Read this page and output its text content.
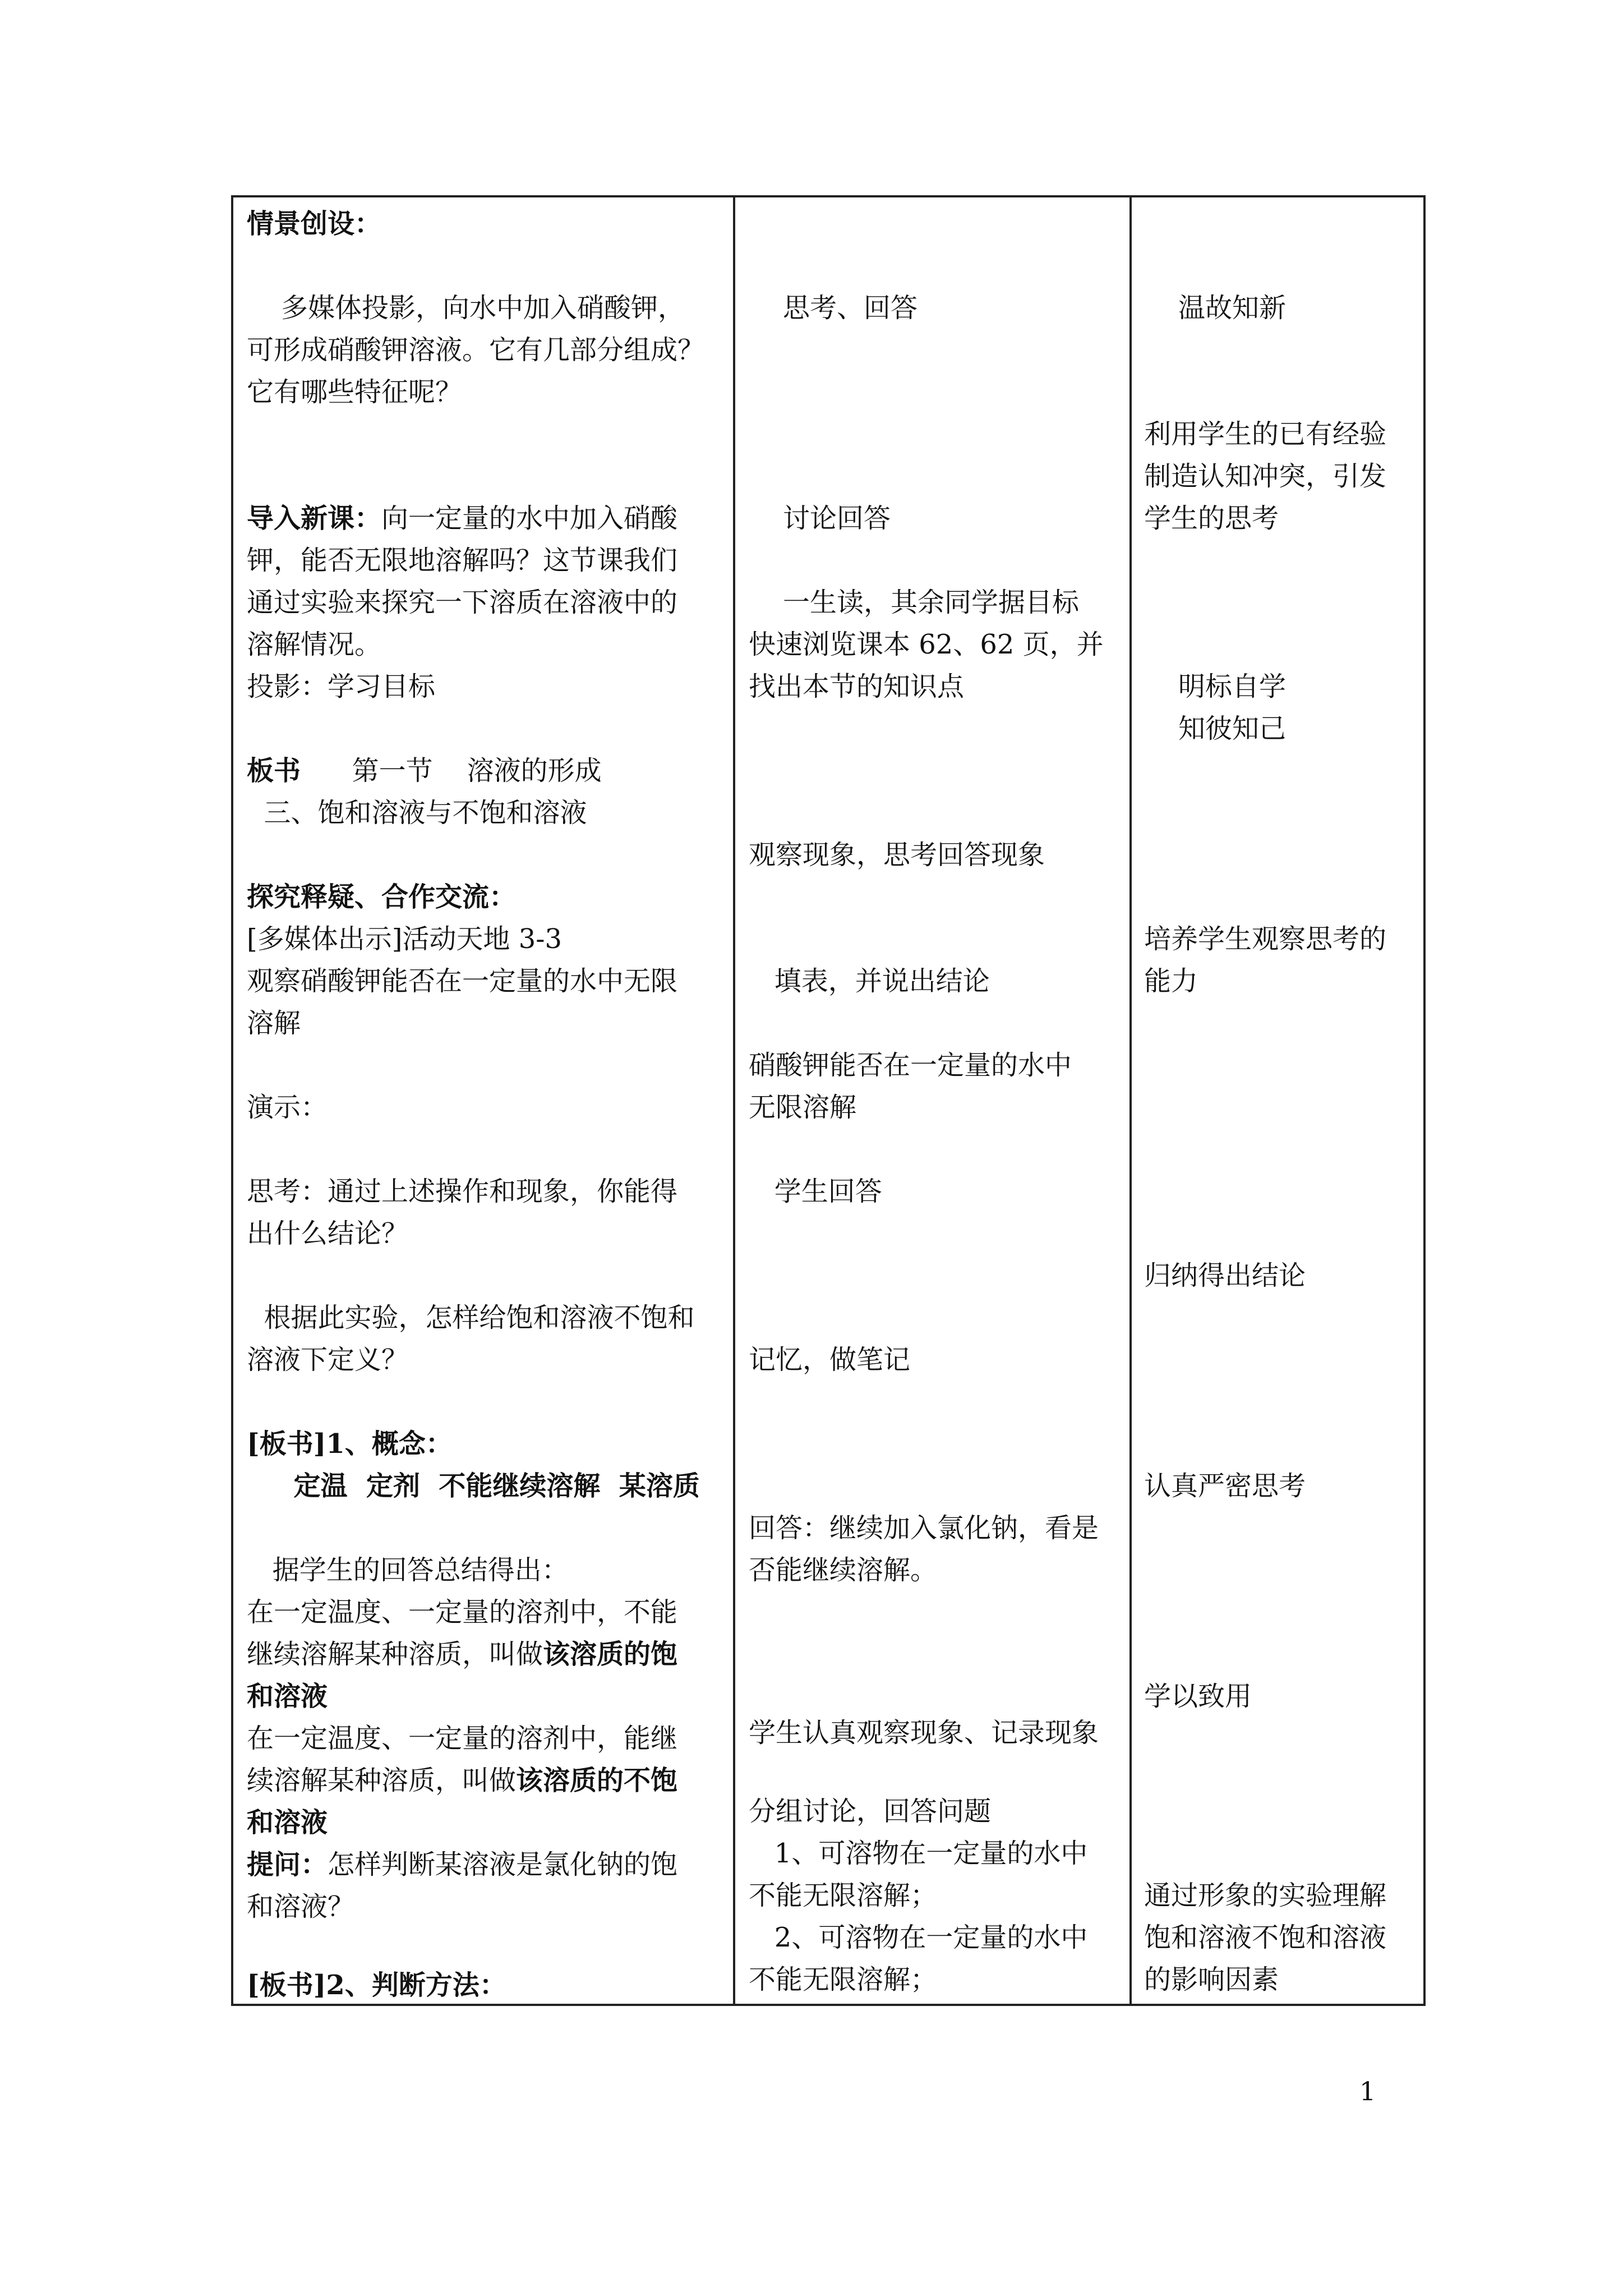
情景创设：
多媒体投影，向水中加入硝酸钾，
可形成硝酸钾溶液。它有几部分组成？
它有哪些特征呢？
导入新课：向一定量的水中加入硝酸
钾，能否无限地溶解吗？这节课我们
通过实验来探究一下溶质在溶液中的
溶解情况。
投影：学习目标
板书      第一节    溶液的形成
三、饱和溶液与不饱和溶液
探究释疑、合作交流：
[多媒体出示]活动天地 3-3
观察硝酸钾能否在一定量的水中无限
溶解
演示：
思考：通过上述操作和现象，你能得
出什么结论？
根据此实验，怎样给饱和溶液不饱和
溶液下定义？
[板书]1、概念：
定温  定剂  不能继续溶解  某溶质
据学生的回答总结得出：
在一定温度、一定量的溶剂中，不能
继续溶解某种溶质，叫做该溶质的饱
和溶液
在一定温度、一定量的溶剂中，能继
续溶解某种溶质，叫做该溶质的不饱
和溶液
提问：怎样判断某溶液是氯化钠的饱
和溶液？
[板书]2、判断方法：
思考、回答
讨论回答
一生读，其余同学据目标
快速浏览课本 62、62 页，并
找出本节的知识点
观察现象，思考回答现象
填表，并说出结论
硝酸钾能否在一定量的水中
无限溶解
学生回答
记忆，做笔记
回答：继续加入氯化钠，看是
否能继续溶解。
学生认真观察现象、记录现象
分组讨论，回答问题
1、可溶物在一定量的水中
不能无限溶解；
2、可溶物在一定量的水中
不能无限溶解；
温故知新
利用学生的已有经验
制造认知冲突，引发
学生的思考
明标自学
知彼知己
培养学生观察思考的
能力
归纳得出结论
认真严密思考
学以致用
通过形象的实验理解
饱和溶液不饱和溶液
的影响因素
1
